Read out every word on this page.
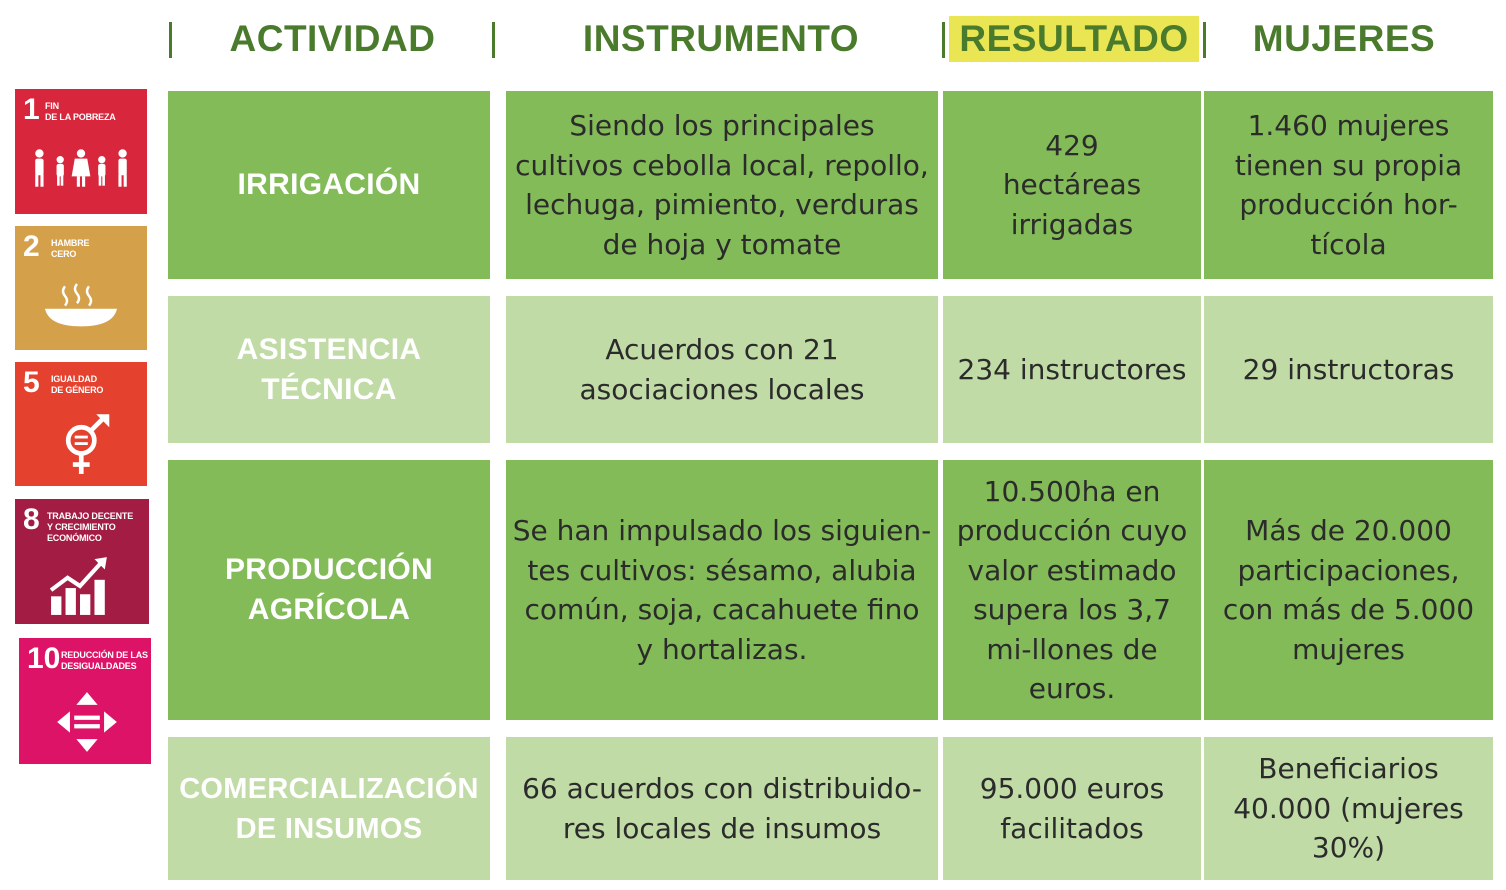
ACTIVIDAD	INSTRUMENTO	RESULTADO MUJERES
1 FIN
DE LA POBREZA
2 HAMBRE
CERO
5 IGUALDAD
DE GÉNERO
8 TRABAJO DECENTE
Y CRECIMIENTO
ECONÓMICO
10 REDUCCIÓN DE LAS
DESIGUALDADES
IRRIGACIÓN
Siendo los principales cultivos cebolla local, repollo, lechuga, pimiento, verduras de hoja y tomate
429 hectáreas irrigadas
1.460 mujeres tienen su propia producción hor-tícola
ASISTENCIA TÉCNICA
Acuerdos con 21 asociaciones locales
234 instructores 29 instructoras
PRODUCCIÓN AGRÍCOLA
Se han impulsado los siguien-tes cultivos: sésamo, alubia común, soja, cacahuete fino y hortalizas.
10.500ha en producción cuyo valor estimado supera los 3,7 mi-llones de euros.
Más de 20.000 participaciones, con más de 5.000 mujeres
COMERCIALIZACIÓN DE INSUMOS
66 acuerdos con distribuido-res locales de insumos
95.000 euros facilitados
Beneficiarios 40.000 (mujeres 30%)
